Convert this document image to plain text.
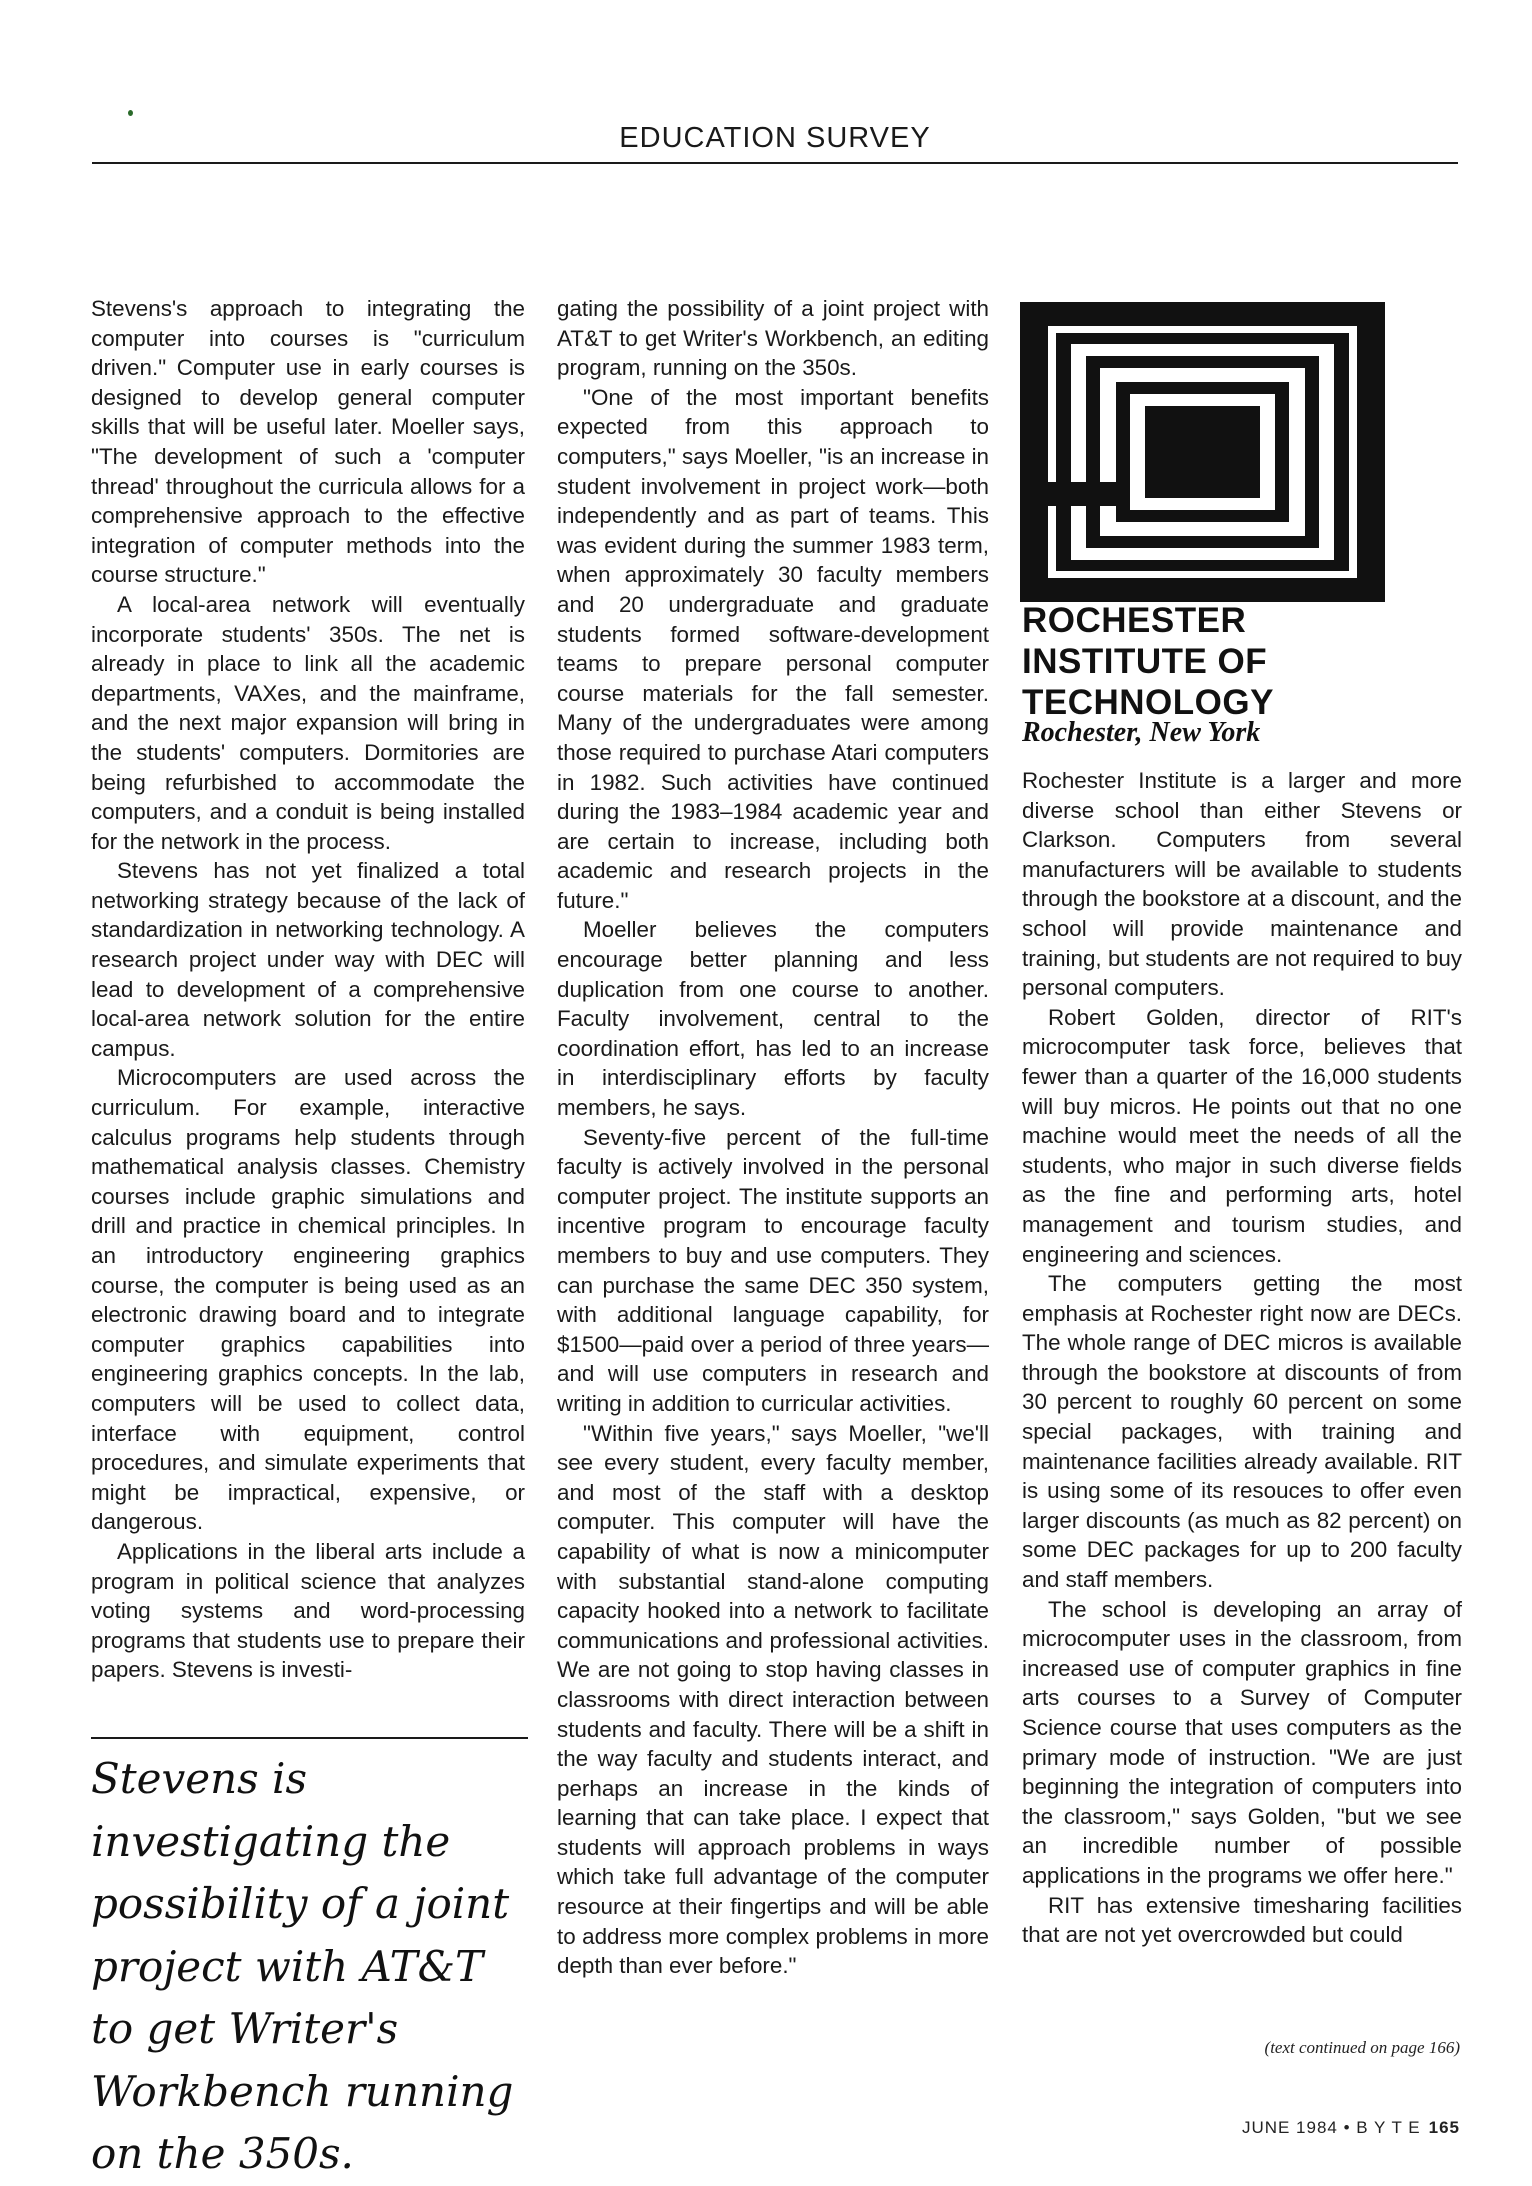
EDUCATION SURVEY

Stevens's approach to integrating the computer into courses is "curriculum driven." Computer use in early courses is designed to develop general computer skills that will be useful later. Moeller says, "The development of such a 'computer thread' throughout the curricula allows for a comprehensive approach to the effective integration of computer methods into the course structure."

A local-area network will eventually incorporate students' 350s. The net is already in place to link all the academic departments, VAXes, and the mainframe, and the next major expansion will bring in the students' computers. Dormitories are being refurbished to accommodate the computers, and a conduit is being installed for the network in the process.

Stevens has not yet finalized a total networking strategy because of the lack of standardization in networking technology. A research project under way with DEC will lead to development of a comprehensive local-area network solution for the entire campus.

Microcomputers are used across the curriculum. For example, interactive calculus programs help students through mathematical analysis classes. Chemistry courses include graphic simulations and drill and practice in chemical principles. In an introductory engineering graphics course, the computer is being used as an electronic drawing board and to integrate computer graphics capabilities into engineering graphics concepts. In the lab, computers will be used to collect data, interface with equipment, control procedures, and simulate experiments that might be impractical, expensive, or dangerous.

Applications in the liberal arts include a program in political science that analyzes voting systems and word-processing programs that students use to prepare their papers. Stevens is investi-

Stevens is investigating the possibility of a joint project with AT&T to get Writer's Workbench running on the 350s.

gating the possibility of a joint project with AT&T to get Writer's Workbench, an editing program, running on the 350s.

"One of the most important benefits expected from this approach to computers," says Moeller, "is an increase in student involvement in project work—both independently and as part of teams. This was evident during the summer 1983 term, when approximately 30 faculty members and 20 undergraduate and graduate students formed software-development teams to prepare personal computer course materials for the fall semester. Many of the undergraduates were among those required to purchase Atari computers in 1982. Such activities have continued during the 1983–1984 academic year and are certain to increase, including both academic and research projects in the future."

Moeller believes the computers encourage better planning and less duplication from one course to another. Faculty involvement, central to the coordination effort, has led to an increase in interdisciplinary efforts by faculty members, he says.

Seventy-five percent of the full-time faculty is actively involved in the personal computer project. The institute supports an incentive program to encourage faculty members to buy and use computers. They can purchase the same DEC 350 system, with additional language capability, for $1500—paid over a period of three years—and will use computers in research and writing in addition to curricular activities.

"Within five years," says Moeller, "we'll see every student, every faculty member, and most of the staff with a desktop computer. This computer will have the capability of what is now a minicomputer with substantial stand-alone computing capacity hooked into a network to facilitate communications and professional activities. We are not going to stop having classes in classrooms with direct interaction between students and faculty. There will be a shift in the way faculty and students interact, and perhaps an increase in the kinds of learning that can take place. I expect that students will approach problems in ways which take full advantage of the computer resource at their fingertips and will be able to address more complex problems in more depth than ever before."

ROCHESTER
INSTITUTE OF
TECHNOLOGY
Rochester, New York

Rochester Institute is a larger and more diverse school than either Stevens or Clarkson. Computers from several manufacturers will be available to students through the bookstore at a discount, and the school will provide maintenance and training, but students are not required to buy personal computers.

Robert Golden, director of RIT's microcomputer task force, believes that fewer than a quarter of the 16,000 students will buy micros. He points out that no one machine would meet the needs of all the students, who major in such diverse fields as the fine and performing arts, hotel management and tourism studies, and engineering and sciences.

The computers getting the most emphasis at Rochester right now are DECs. The whole range of DEC micros is available through the bookstore at discounts of from 30 percent to roughly 60 percent on some special packages, with training and maintenance facilities already available. RIT is using some of its resouces to offer even larger discounts (as much as 82 percent) on some DEC packages for up to 200 faculty and staff members.

The school is developing an array of microcomputer uses in the classroom, from increased use of computer graphics in fine arts courses to a Survey of Computer Science course that uses computers as the primary mode of instruction. "We are just beginning the integration of computers into the classroom," says Golden, "but we see an incredible number of possible applications in the programs we offer here."

RIT has extensive timesharing facilities that are not yet overcrowded but could

(text continued on page 166)
JUNE 1984 • B Y T E 165
